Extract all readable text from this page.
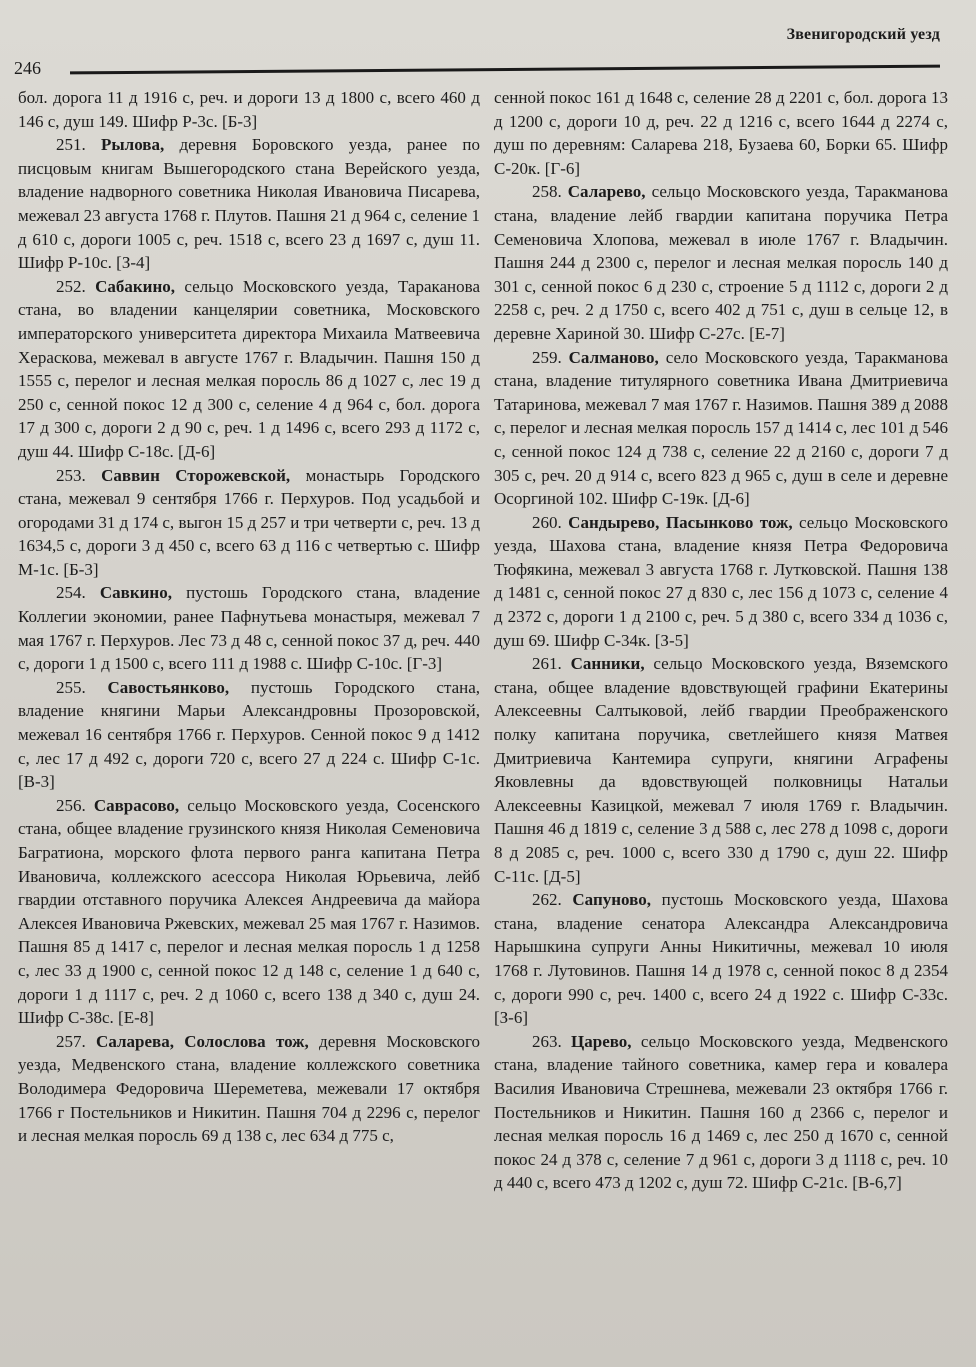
Звенигородский уезд
246

бол. дорога 11 д 1916 с, реч. и дороги 13 д 1800 с, всего 460 д 146 с, душ 149. Шифр Р-3с. [Б-3]

251. Рылова, деревня Боровского уезда, ранее по писцовым книгам Вышегородского стана Верейского уезда, владение надворного советника Николая Ивановича Писарева, межевал 23 августа 1768 г. Плутов. Пашня 21 д 964 с, селение 1 д 610 с, дороги 1005 с, реч. 1518 с, всего 23 д 1697 с, душ 11. Шифр Р-10с. [З-4]

252. Сабакино, сельцо Московского уезда, Тараканова стана, во владении канцелярии советника, Московского императорского университета директора Михаила Матвеевича Хераскова, межевал в августе 1767 г. Владычин. Пашня 150 д 1555 с, перелог и лесная мелкая поросль 86 д 1027 с, лес 19 д 250 с, сенной покос 12 д 300 с, селение 4 д 964 с, бол. дорога 17 д 300 с, дороги 2 д 90 с, реч. 1 д 1496 с, всего 293 д 1172 с, душ 44. Шифр С-18с. [Д-6]

253. Саввин Сторожевской, монастырь Городского стана, межевал 9 сентября 1766 г. Перхуров. Под усадьбой и огородами 31 д 174 с, выгон 15 д 257 и три четверти с, реч. 13 д 1634,5 с, дороги 3 д 450 с, всего 63 д 116 с четвертью с. Шифр М-1с. [Б-3]

254. Савкино, пустошь Городского стана, владение Коллегии экономии, ранее Пафнутьева монастыря, межевал 7 мая 1767 г. Перхуров. Лес 73 д 48 с, сенной покос 37 д, реч. 440 с, дороги 1 д 1500 с, всего 111 д 1988 с. Шифр С-10с. [Г-3]

255. Савостьянково, пустошь Городского стана, владение княгини Марьи Александровны Прозоровской, межевал 16 сентября 1766 г. Перхуров. Сенной покос 9 д 1412 с, лес 17 д 492 с, дороги 720 с, всего 27 д 224 с. Шифр С-1с. [В-3]

256. Саврасово, сельцо Московского уезда, Сосенского стана, общее владение грузинского князя Николая Семеновича Багратиона, морского флота первого ранга капитана Петра Ивановича, коллежского асессора Николая Юрьевича, лейб гвардии отставного поручика Алексея Андреевича да майора Алексея Ивановича Ржевских, межевал 25 мая 1767 г. Назимов. Пашня 85 д 1417 с, перелог и лесная мелкая поросль 1 д 1258 с, лес 33 д 1900 с, сенной покос 12 д 148 с, селение 1 д 640 с, дороги 1 д 1117 с, реч. 2 д 1060 с, всего 138 д 340 с, душ 24. Шифр С-38с. [Е-8]

257. Саларева, Солослова тож, деревня Московского уезда, Медвенского стана, владение коллежского советника Володимера Федоровича Шереметева, межевали 17 октября 1766 г Постельников и Никитин. Пашня 704 д 2296 с, перелог и лесная мелкая поросль 69 д 138 с, лес 634 д 775 с,

сенной покос 161 д 1648 с, селение 28 д 2201 с, бол. дорога 13 д 1200 с, дороги 10 д, реч. 22 д 1216 с, всего 1644 д 2274 с, душ по деревням: Саларева 218, Бузаева 60, Борки 65. Шифр С-20к. [Г-6]

258. Саларево, сельцо Московского уезда, Таракманова стана, владение лейб гвардии капитана поручика Петра Семеновича Хлопова, межевал в июле 1767 г. Владычин. Пашня 244 д 2300 с, перелог и лесная мелкая поросль 140 д 301 с, сенной покос 6 д 230 с, строение 5 д 1112 с, дороги 2 д 2258 с, реч. 2 д 1750 с, всего 402 д 751 с, душ в сельце 12, в деревне Хариной 30. Шифр С-27с. [Е-7]

259. Салманово, село Московского уезда, Таракманова стана, владение титулярного советника Ивана Дмитриевича Татаринова, межевал 7 мая 1767 г. Назимов. Пашня 389 д 2088 с, перелог и лесная мелкая поросль 157 д 1414 с, лес 101 д 546 с, сенной покос 124 д 738 с, селение 22 д 2160 с, дороги 7 д 305 с, реч. 20 д 914 с, всего 823 д 965 с, душ в селе и деревне Осоргиной 102. Шифр С-19к. [Д-6]

260. Сандырево, Пасынково тож, сельцо Московского уезда, Шахова стана, владение князя Петра Федоровича Тюфякина, межевал 3 августа 1768 г. Лутковской. Пашня 138 д 1481 с, сенной покос 27 д 830 с, лес 156 д 1073 с, селение 4 д 2372 с, дороги 1 д 2100 с, реч. 5 д 380 с, всего 334 д 1036 с, душ 69. Шифр С-34к. [З-5]

261. Санники, сельцо Московского уезда, Вяземского стана, общее владение вдовствующей графини Екатерины Алексеевны Салтыковой, лейб гвардии Преображенского полку капитана поручика, светлейшего князя Матвея Дмитриевича Кантемира супруги, княгини Аграфены Яковлевны да вдовствующей полковницы Натальи Алексеевны Казицкой, межевал 7 июля 1769 г. Владычин. Пашня 46 д 1819 с, селение 3 д 588 с, лес 278 д 1098 с, дороги 8 д 2085 с, реч. 1000 с, всего 330 д 1790 с, душ 22. Шифр С-11с. [Д-5]

262. Сапуново, пустошь Московского уезда, Шахова стана, владение сенатора Александра Александровича Нарышкина супруги Анны Никитичны, межевал 10 июля 1768 г. Лутовинов. Пашня 14 д 1978 с, сенной покос 8 д 2354 с, дороги 990 с, реч. 1400 с, всего 24 д 1922 с. Шифр С-33с. [З-6]

263. Царево, сельцо Московского уезда, Медвенского стана, владение тайного советника, камер гера и ковалера Василия Ивановича Стрешнева, межевали 23 октября 1766 г. Постельников и Никитин. Пашня 160 д 2366 с, перелог и лесная мелкая поросль 16 д 1469 с, лес 250 д 1670 с, сенной покос 24 д 378 с, селение 7 д 961 с, дороги 3 д 1118 с, реч. 10 д 440 с, всего 473 д 1202 с, душ 72. Шифр С-21с. [В-6,7]
